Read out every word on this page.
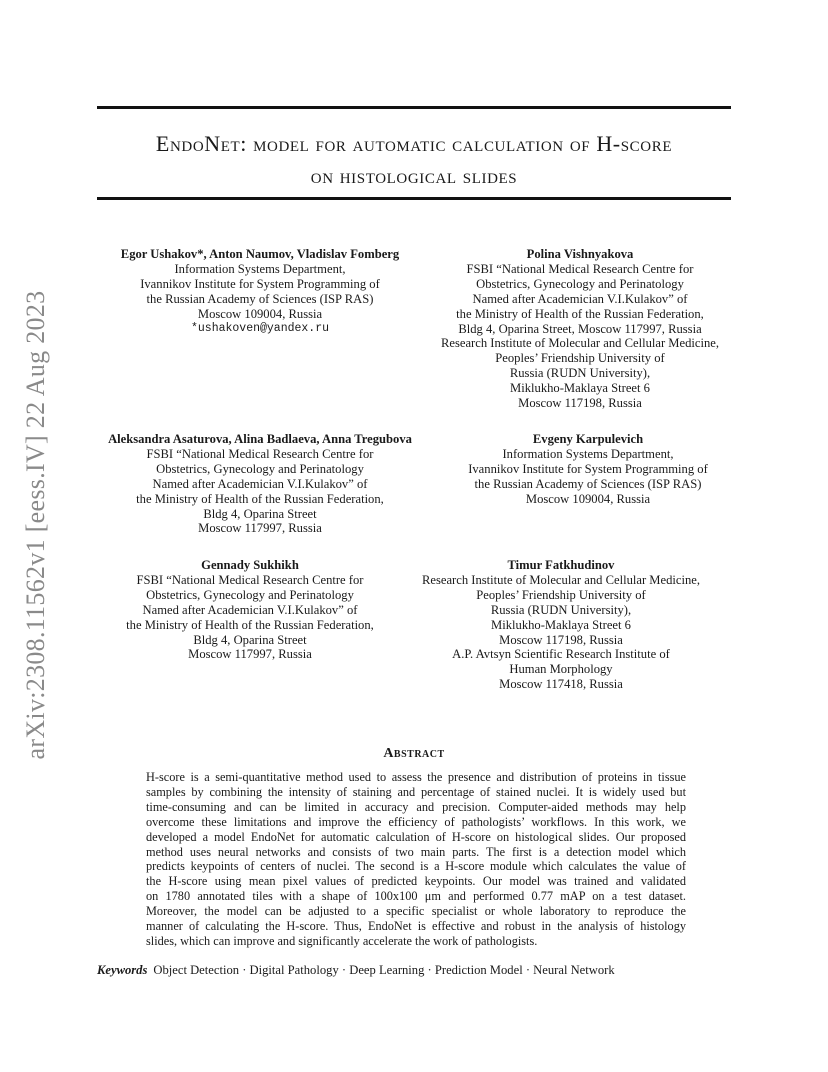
arXiv:2308.11562v1 [eess.IV] 22 Aug 2023
EndoNet: model for automatic calculation of H-score
on histological slides
Egor Ushakov*, Anton Naumov, Vladislav Fomberg
Information Systems Department,
Ivannikov Institute for System Programming of
the Russian Academy of Sciences (ISP RAS)
Moscow 109004, Russia
*ushakoven@yandex.ru
Polina Vishnyakova
FSBI “National Medical Research Centre for
Obstetrics, Gynecology and Perinatology
Named after Academician V.I.Kulakov” of
the Ministry of Health of the Russian Federation,
Bldg 4, Oparina Street, Moscow 117997, Russia
Research Institute of Molecular and Cellular Medicine,
Peoples’ Friendship University of
Russia (RUDN University),
Miklukho-Maklaya Street 6
Moscow 117198, Russia
Aleksandra Asaturova, Alina Badlaeva, Anna Tregubova
FSBI “National Medical Research Centre for
Obstetrics, Gynecology and Perinatology
Named after Academician V.I.Kulakov” of
the Ministry of Health of the Russian Federation,
Bldg 4, Oparina Street
Moscow 117997, Russia
Evgeny Karpulevich
Information Systems Department,
Ivannikov Institute for System Programming of
the Russian Academy of Sciences (ISP RAS)
Moscow 109004, Russia
Gennady Sukhikh
FSBI “National Medical Research Centre for
Obstetrics, Gynecology and Perinatology
Named after Academician V.I.Kulakov” of
the Ministry of Health of the Russian Federation,
Bldg 4, Oparina Street
Moscow 117997, Russia
Timur Fatkhudinov
Research Institute of Molecular and Cellular Medicine,
Peoples’ Friendship University of
Russia (RUDN University),
Miklukho-Maklaya Street 6
Moscow 117198, Russia
A.P. Avtsyn Scientific Research Institute of
Human Morphology
Moscow 117418, Russia
Abstract
H-score is a semi-quantitative method used to assess the presence and distribution of proteins in tissue
samples by combining the intensity of staining and percentage of stained nuclei. It is widely used but
time-consuming and can be limited in accuracy and precision. Computer-aided methods may help
overcome these limitations and improve the efficiency of pathologists’ workflows. In this work, we
developed a model EndoNet for automatic calculation of H-score on histological slides. Our proposed
method uses neural networks and consists of two main parts. The first is a detection model which
predicts keypoints of centers of nuclei. The second is a H-score module which calculates the value of
the H-score using mean pixel values of predicted keypoints. Our model was trained and validated
on 1780 annotated tiles with a shape of 100x100 μm and performed 0.77 mAP on a test dataset.
Moreover, the model can be adjusted to a specific specialist or whole laboratory to reproduce the
manner of calculating the H-score. Thus, EndoNet is effective and robust in the analysis of histology
slides, which can improve and significantly accelerate the work of pathologists.
Keywords Object Detection · Digital Pathology · Deep Learning · Prediction Model · Neural Network
